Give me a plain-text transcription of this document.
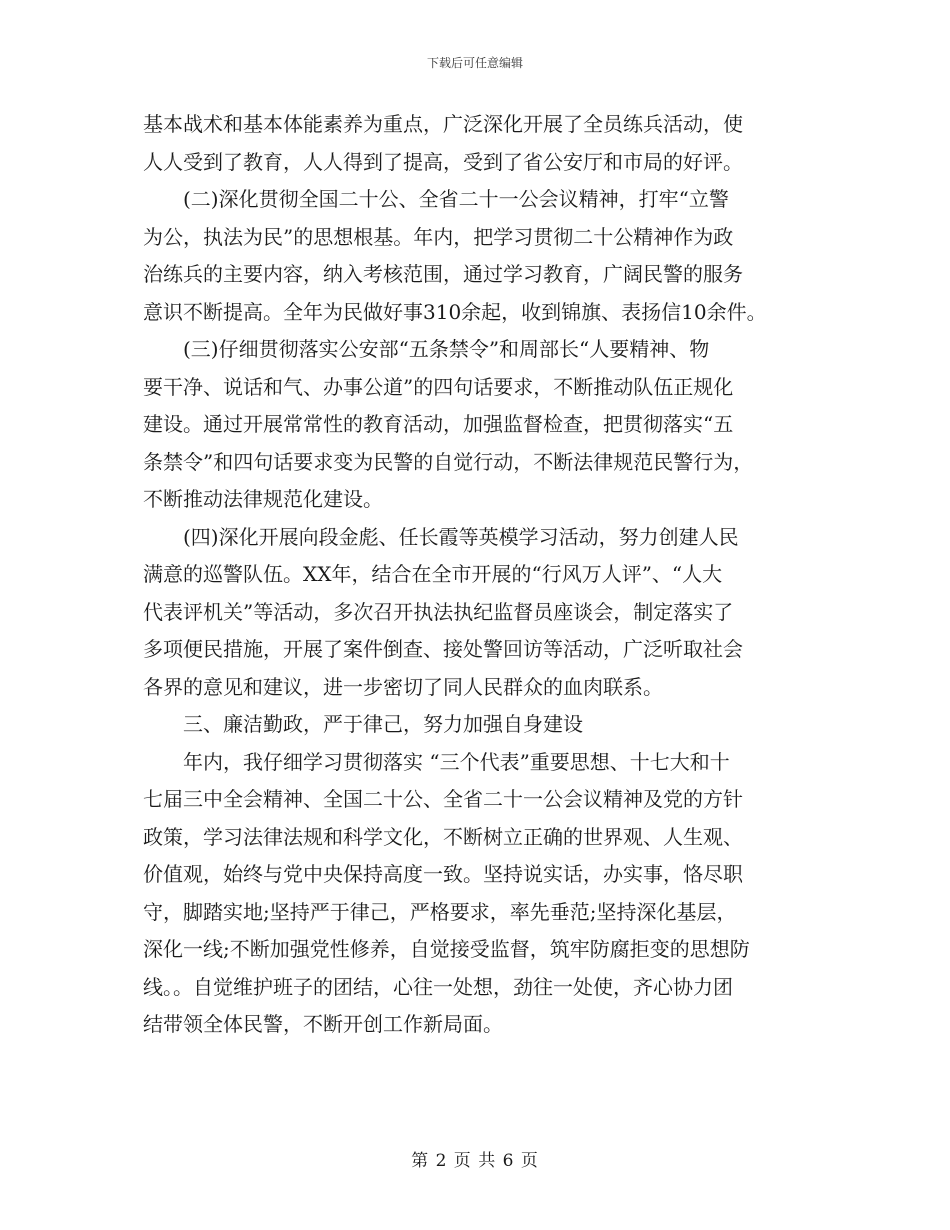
下载后可任意编辑
基本战术和基本体能素养为重点，广泛深化开展了全员练兵活动，使
人人受到了教育，人人得到了提高，受到了省公安厅和市局的好评。
　　(二)深化贯彻全国二十公、全省二十一公会议精神，打牢“立警
为公，执法为民”的思想根基。年内，把学习贯彻二十公精神作为政
治练兵的主要内容，纳入考核范围，通过学习教育，广阔民警的服务
意识不断提高。全年为民做好事310余起，收到锦旗、表扬信10余件。
　　(三)仔细贯彻落实公安部“五条禁令”和周部长“人要精神、物
要干净、说话和气、办事公道”的四句话要求，不断推动队伍正规化
建设。通过开展常常性的教育活动，加强监督检查，把贯彻落实“五
条禁令”和四句话要求变为民警的自觉行动，不断法律规范民警行为，
不断推动法律规范化建设。
　　(四)深化开展向段金彪、任长霞等英模学习活动，努力创建人民
满意的巡警队伍。XX年，结合在全市开展的“行风万人评”、“人大
代表评机关”等活动，多次召开执法执纪监督员座谈会，制定落实了
多项便民措施，开展了案件倒查、接处警回访等活动，广泛听取社会
各界的意见和建议，进一步密切了同人民群众的血肉联系。
　　三、廉洁勤政，严于律己，努力加强自身建设
　　年内，我仔细学习贯彻落实 “三个代表”重要思想、十七大和十
七届三中全会精神、全国二十公、全省二十一公会议精神及党的方针
政策，学习法律法规和科学文化，不断树立正确的世界观、人生观、
价值观，始终与党中央保持高度一致。坚持说实话，办实事，恪尽职
守，脚踏实地;坚持严于律己，严格要求，率先垂范;坚持深化基层，
深化一线;不断加强党性修养，自觉接受监督，筑牢防腐拒变的思想防
线。。自觉维护班子的团结，心往一处想，劲往一处使，齐心协力团
结带领全体民警，不断开创工作新局面。
第 2 页 共 6 页
